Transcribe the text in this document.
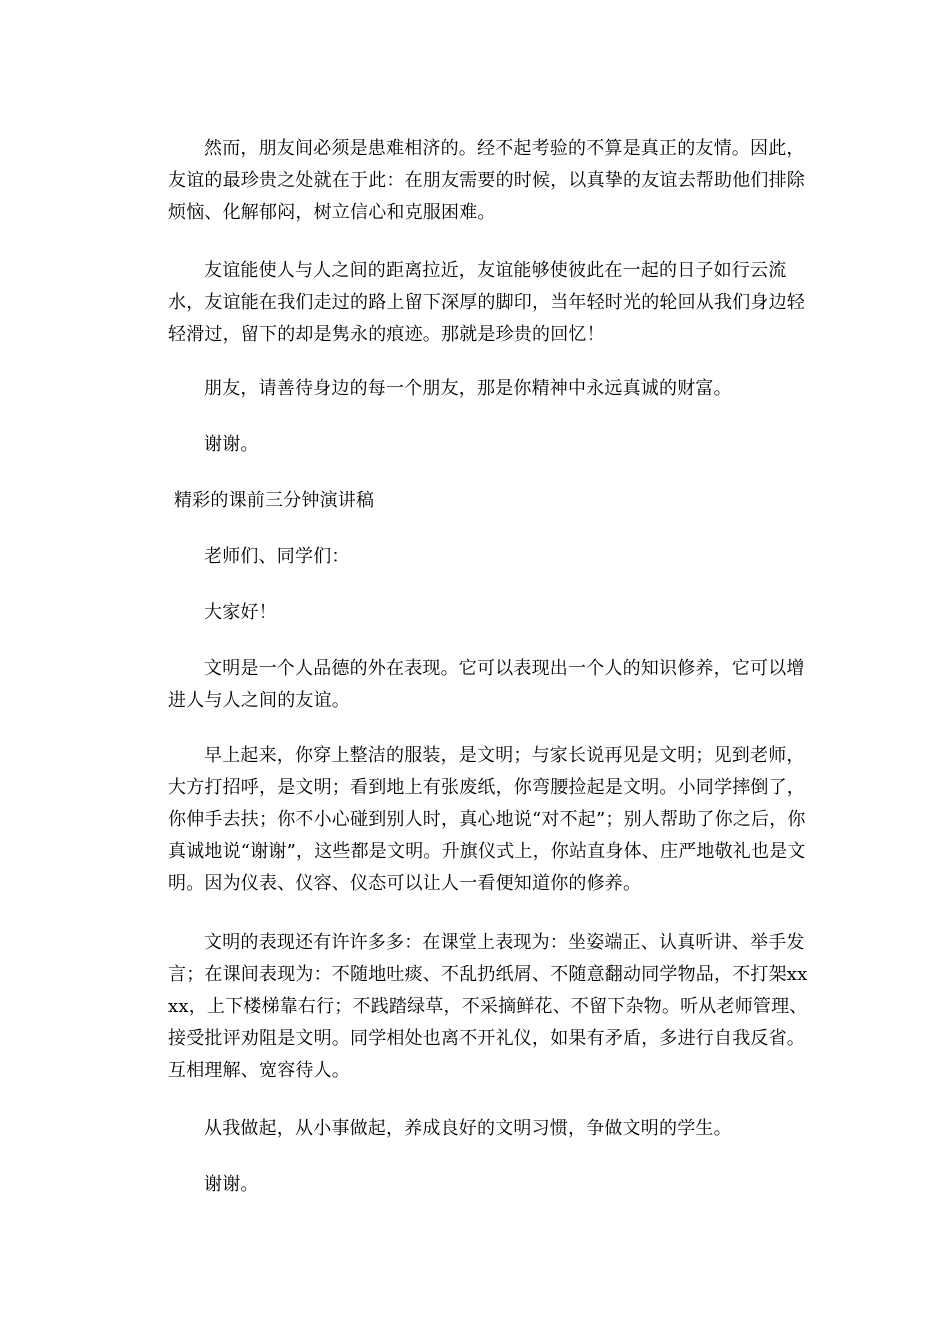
然而，朋友间必须是患难相济的。经不起考验的不算是真正的友情。因此，友谊的最珍贵之处就在于此：在朋友需要的时候，以真挚的友谊去帮助他们排除烦恼、化解郁闷，树立信心和克服困难。

友谊能使人与人之间的距离拉近，友谊能够使彼此在一起的日子如行云流水，友谊能在我们走过的路上留下深厚的脚印，当年轻时光的轮回从我们身边轻轻滑过，留下的却是隽永的痕迹。那就是珍贵的回忆！

朋友，请善待身边的每一个朋友，那是你精神中永远真诚的财富。

谢谢。

精彩的课前三分钟演讲稿

老师们、同学们：

大家好！

文明是一个人品德的外在表现。它可以表现出一个人的知识修养，它可以增进人与人之间的友谊。

早上起来，你穿上整洁的服装，是文明；与家长说再见是文明；见到老师，大方打招呼，是文明；看到地上有张废纸，你弯腰捡起是文明。小同学摔倒了，你伸手去扶；你不小心碰到别人时，真心地说“对不起”；别人帮助了你之后，你真诚地说“谢谢”，这些都是文明。升旗仪式上，你站直身体、庄严地敬礼也是文明。因为仪表、仪容、仪态可以让人一看便知道你的修养。

文明的表现还有许许多多：在课堂上表现为：坐姿端正、认真听讲、举手发言；在课间表现为：不随地吐痰、不乱扔纸屑、不随意翻动同学物品，不打架xxxx，上下楼梯靠右行；不践踏绿草，不采摘鲜花、不留下杂物。听从老师管理、接受批评劝阻是文明。同学相处也离不开礼仪，如果有矛盾，多进行自我反省。互相理解、宽容待人。

从我做起，从小事做起，养成良好的文明习惯，争做文明的学生。

谢谢。
